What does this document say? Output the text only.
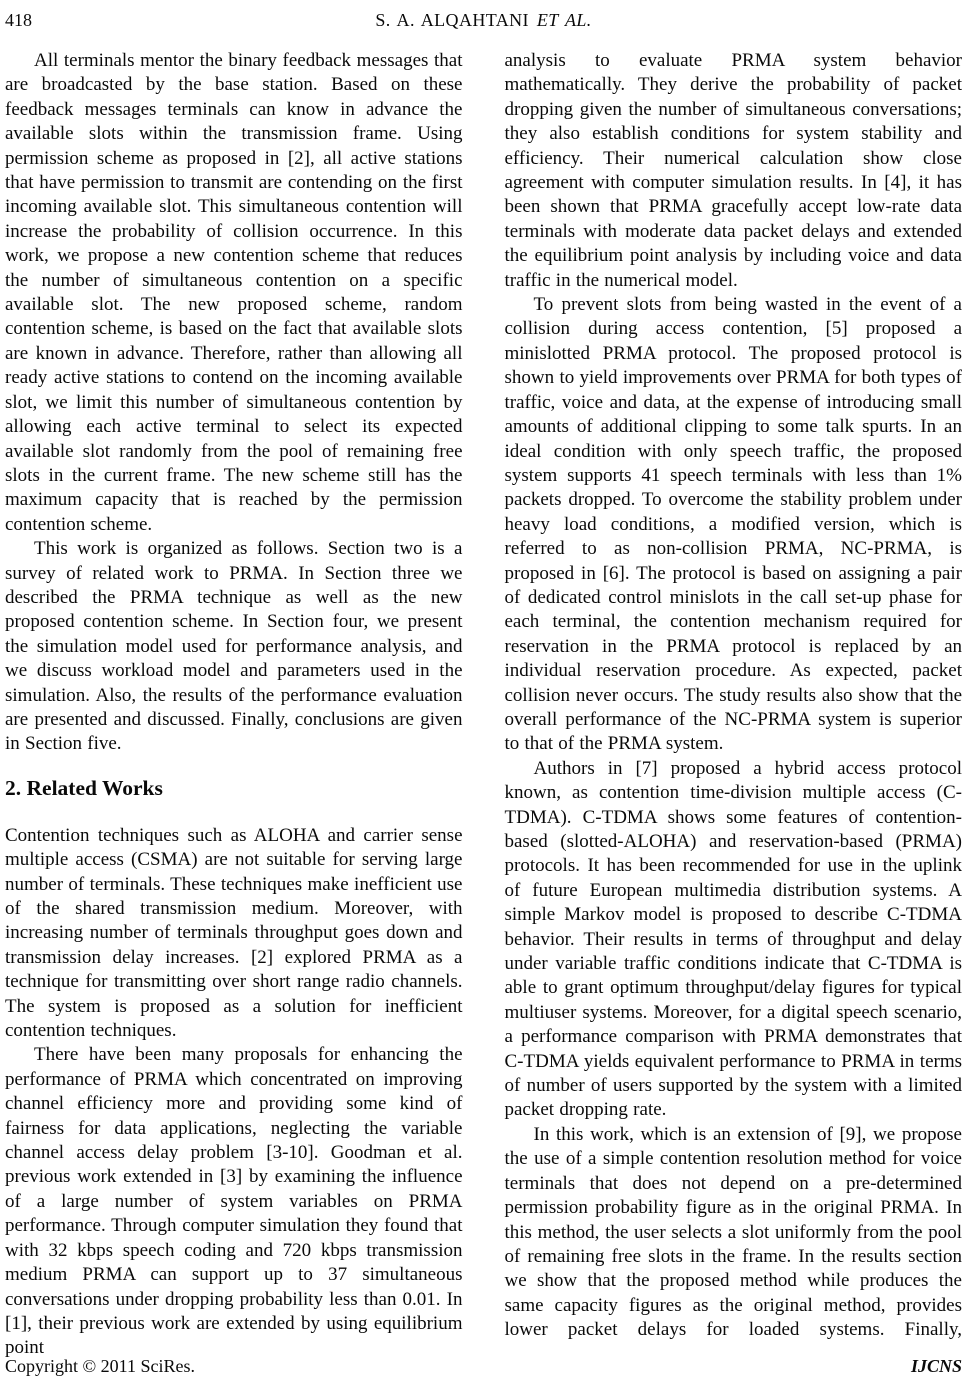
418	S. A. ALQAHTANI ET AL.

All terminals mentor the binary feedback messages that are broadcasted by the base station. Based on these feedback messages terminals can know in advance the available slots within the transmission frame. Using permission scheme as proposed in [2], all active stations that have permission to transmit are contending on the first incoming available slot. This simultaneous contention will increase the probability of collision occurrence. In this work, we propose a new contention scheme that reduces the number of simultaneous contention on a specific available slot. The new proposed scheme, random contention scheme, is based on the fact that available slots are known in advance. Therefore, rather than allowing all ready active stations to contend on the incoming available slot, we limit this number of simultaneous contention by allowing each active terminal to select its expected available slot randomly from the pool of remaining free slots in the current frame. The new scheme still has the maximum capacity that is reached by the permission contention scheme.

This work is organized as follows. Section two is a survey of related work to PRMA. In Section three we described the PRMA technique as well as the new proposed contention scheme. In Section four, we present the simulation model used for performance analysis, and we discuss workload model and parameters used in the simulation. Also, the results of the performance evaluation are presented and discussed. Finally, conclusions are given in Section five.

2. Related Works

Contention techniques such as ALOHA and carrier sense multiple access (CSMA) are not suitable for serving large number of terminals. These techniques make inefficient use of the shared transmission medium. Moreover, with increasing number of terminals throughput goes down and transmission delay increases. [2] explored PRMA as a technique for transmitting over short range radio channels. The system is proposed as a solution for inefficient contention techniques.

There have been many proposals for enhancing the performance of PRMA which concentrated on improving channel efficiency more and providing some kind of fairness for data applications, neglecting the variable channel access delay problem [3-10]. Goodman et al. previous work extended in [3] by examining the influence of a large number of system variables on PRMA performance. Through computer simulation they found that with 32 kbps speech coding and 720 kbps transmission medium PRMA can support up to 37 simultaneous conversations under dropping probability less than 0.01. In [1], their previous work are extended by using equilibrium point

analysis to evaluate PRMA system behavior mathematically. They derive the probability of packet dropping given the number of simultaneous conversations; they also establish conditions for system stability and efficiency. Their numerical calculation show close agreement with computer simulation results. In [4], it has been shown that PRMA gracefully accept low-rate data terminals with moderate data packet delays and extended the equilibrium point analysis by including voice and data traffic in the numerical model.

To prevent slots from being wasted in the event of a collision during access contention, [5] proposed a minislotted PRMA protocol. The proposed protocol is shown to yield improvements over PRMA for both types of traffic, voice and data, at the expense of introducing small amounts of additional clipping to some talk spurts. In an ideal condition with only speech traffic, the proposed system supports 41 speech terminals with less than 1% packets dropped. To overcome the stability problem under heavy load conditions, a modified version, which is referred to as non-collision PRMA, NC-PRMA, is proposed in [6]. The protocol is based on assigning a pair of dedicated control minislots in the call set-up phase for each terminal, the contention mechanism required for reservation in the PRMA protocol is replaced by an individual reservation procedure. As expected, packet collision never occurs. The study results also show that the overall performance of the NC-PRMA system is superior to that of the PRMA system.

Authors in [7] proposed a hybrid access protocol known, as contention time-division multiple access (C-TDMA). C-TDMA shows some features of contention-based (slotted-ALOHA) and reservation-based (PRMA) protocols. It has been recommended for use in the uplink of future European multimedia distribution systems. A simple Markov model is proposed to describe C-TDMA behavior. Their results in terms of throughput and delay under variable traffic conditions indicate that C-TDMA is able to grant optimum throughput/delay figures for typical multiuser systems. Moreover, for a digital speech scenario, a performance comparison with PRMA demonstrates that C-TDMA yields equivalent performance to PRMA in terms of number of users supported by the system with a limited packet dropping rate.

In this work, which is an extension of [9], we propose the use of a simple contention resolution method for voice terminals that does not depend on a pre-determined permission probability figure as in the original PRMA. In this method, the user selects a slot uniformly from the pool of remaining free slots in the frame. In the results section we show that the proposed method while produces the same capacity figures as the original method, provides lower packet delays for loaded systems. Finally,

Copyright © 2011 SciRes.	IJCNS
